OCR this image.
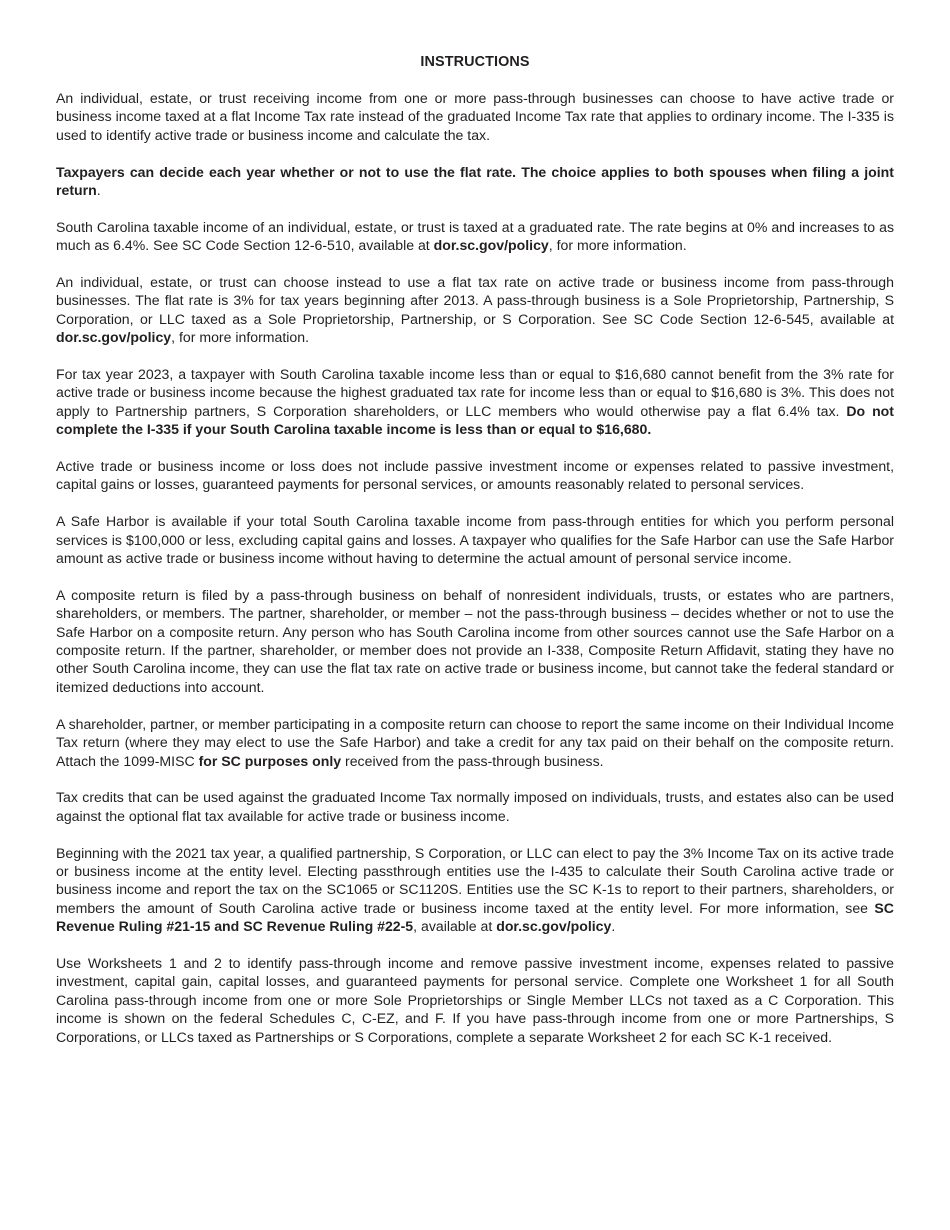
INSTRUCTIONS

An individual, estate, or trust receiving income from one or more pass-through businesses can choose to have active trade or business income taxed at a flat Income Tax rate instead of the graduated Income Tax rate that applies to ordinary income. The I-335 is used to identify active trade or business income and calculate the tax.

Taxpayers can decide each year whether or not to use the flat rate. The choice applies to both spouses when filing a joint return.

South Carolina taxable income of an individual, estate, or trust is taxed at a graduated rate. The rate begins at 0% and increases to as much as 6.4%. See SC Code Section 12-6-510, available at dor.sc.gov/policy, for more information.

An individual, estate, or trust can choose instead to use a flat tax rate on active trade or business income from pass-through businesses. The flat rate is 3% for tax years beginning after 2013. A pass-through business is a Sole Proprietorship, Partnership, S Corporation, or LLC taxed as a Sole Proprietorship, Partnership, or S Corporation. See SC Code Section 12-6-545, available at dor.sc.gov/policy, for more information.

For tax year 2023, a taxpayer with South Carolina taxable income less than or equal to $16,680 cannot benefit from the 3% rate for active trade or business income because the highest graduated tax rate for income less than or equal to $16,680 is 3%. This does not apply to Partnership partners, S Corporation shareholders, or LLC members who would otherwise pay a flat 6.4% tax. Do not complete the I-335 if your South Carolina taxable income is less than or equal to $16,680.

Active trade or business income or loss does not include passive investment income or expenses related to passive investment, capital gains or losses, guaranteed payments for personal services, or amounts reasonably related to personal services.

A Safe Harbor is available if your total South Carolina taxable income from pass-through entities for which you perform personal services is $100,000 or less, excluding capital gains and losses. A taxpayer who qualifies for the Safe Harbor can use the Safe Harbor amount as active trade or business income without having to determine the actual amount of personal service income.

A composite return is filed by a pass-through business on behalf of nonresident individuals, trusts, or estates who are partners, shareholders, or members. The partner, shareholder, or member – not the pass-through business – decides whether or not to use the Safe Harbor on a composite return. Any person who has South Carolina income from other sources cannot use the Safe Harbor on a composite return. If the partner, shareholder, or member does not provide an I-338, Composite Return Affidavit, stating they have no other South Carolina income, they can use the flat tax rate on active trade or business income, but cannot take the federal standard or itemized deductions into account.

A shareholder, partner, or member participating in a composite return can choose to report the same income on their Individual Income Tax return (where they may elect to use the Safe Harbor) and take a credit for any tax paid on their behalf on the composite return. Attach the 1099-MISC for SC purposes only received from the pass-through business.

Tax credits that can be used against the graduated Income Tax normally imposed on individuals, trusts, and estates also can be used against the optional flat tax available for active trade or business income.

Beginning with the 2021 tax year, a qualified partnership, S Corporation, or LLC can elect to pay the 3% Income Tax on its active trade or business income at the entity level. Electing passthrough entities use the I-435 to calculate their South Carolina active trade or business income and report the tax on the SC1065 or SC1120S. Entities use the SC K-1s to report to their partners, shareholders, or members the amount of South Carolina active trade or business income taxed at the entity level. For more information, see SC Revenue Ruling #21-15 and SC Revenue Ruling #22-5, available at dor.sc.gov/policy.

Use Worksheets 1 and 2 to identify pass-through income and remove passive investment income, expenses related to passive investment, capital gain, capital losses, and guaranteed payments for personal service. Complete one Worksheet 1 for all South Carolina pass-through income from one or more Sole Proprietorships or Single Member LLCs not taxed as a C Corporation. This income is shown on the federal Schedules C, C-EZ, and F. If you have pass-through income from one or more Partnerships, S Corporations, or LLCs taxed as Partnerships or S Corporations, complete a separate Worksheet 2 for each SC K-1 received.
